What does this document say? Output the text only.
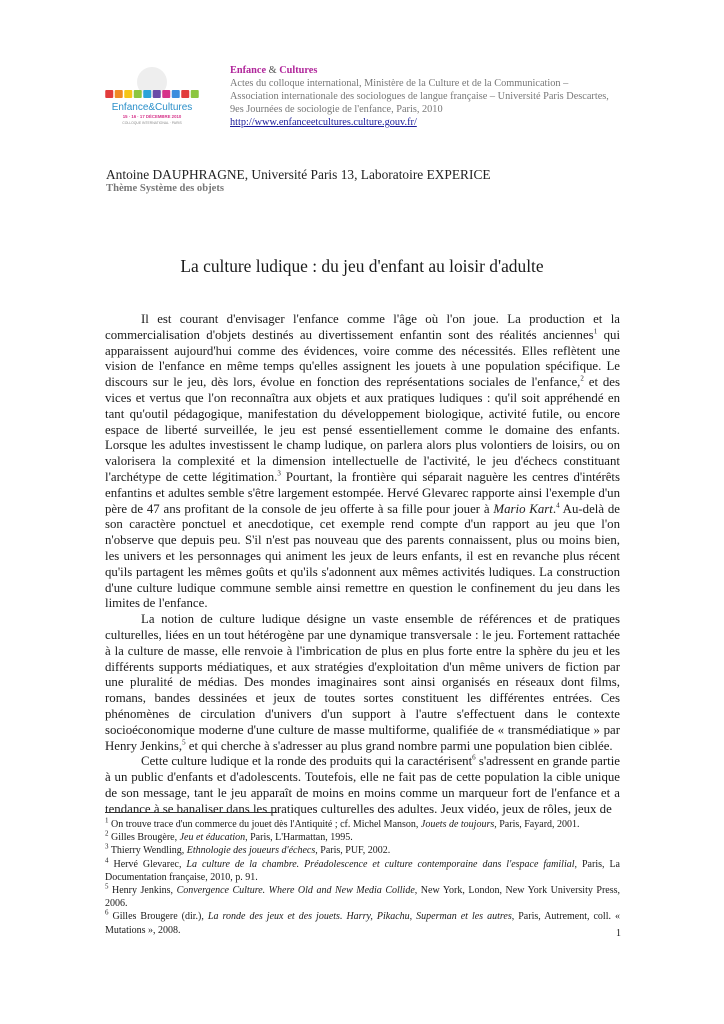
Enfance&Cultures
15 · 16 · 17 DÉCEMBRE 2010
COLLOQUE INTERNATIONAL · PARIS
Enfance & Cultures
Actes du colloque international, Ministère de la Culture et de la Communication –
Association internationale des sociologues de langue française – Université Paris Descartes,
9es Journées de sociologie de l'enfance, Paris, 2010
http://www.enfanceetcultures.culture.gouv.fr/
Antoine DAUPHRAGNE, Université Paris 13, Laboratoire EXPERICE
Thème Système des objets
La culture ludique : du jeu d'enfant au loisir d'adulte

Il est courant d'envisager l'enfance comme l'âge où l'on joue. La production et la commercialisation d'objets destinés au divertissement enfantin sont des réalités anciennes$^1$ qui apparaissent aujourd'hui comme des évidences, voire comme des nécessités. Elles reflètent une vision de l'enfance en même temps qu'elles assignent les jouets à une population spécifique. Le discours sur le jeu, dès lors, évolue en fonction des représentations sociales de l'enfance,$^2$ et des vices et vertus que l'on reconnaîtra aux objets et aux pratiques ludiques : qu'il soit appréhendé en tant qu'outil pédagogique, manifestation du développement biologique, activité futile, ou encore espace de liberté surveillée, le jeu est pensé essentiellement comme le domaine des enfants. Lorsque les adultes investissent le champ ludique, on parlera alors plus volontiers de loisirs, ou on valorisera la complexité et la dimension intellectuelle de l'activité, le jeu d'échecs constituant l'archétype de cette légitimation.$^3$ Pourtant, la frontière qui séparait naguère les centres d'intérêts enfantins et adultes semble s'être largement estompée. Hervé Glevarec rapporte ainsi l'exemple d'un père de 47 ans profitant de la console de jeu offerte à sa fille pour jouer à Mario Kart.$^4$ Au-delà de son caractère ponctuel et anecdotique, cet exemple rend compte d'un rapport au jeu que l'on n'observe que depuis peu. S'il n'est pas nouveau que des parents connaissent, plus ou moins bien, les univers et les personnages qui animent les jeux de leurs enfants, il est en revanche plus récent qu'ils partagent les mêmes goûts et qu'ils s'adonnent aux mêmes activités ludiques. La construction d'une culture ludique commune semble ainsi remettre en question le confinement du jeu dans les limites de l'enfance.

La notion de culture ludique désigne un vaste ensemble de références et de pratiques culturelles, liées en un tout hétérogène par une dynamique transversale : le jeu. Fortement rattachée à la culture de masse, elle renvoie à l'imbrication de plus en plus forte entre la sphère du jeu et les différents supports médiatiques, et aux stratégies d'exploitation d'un même univers de fiction par une pluralité de médias. Des mondes imaginaires sont ainsi organisés en réseaux dont films, romans, bandes dessinées et jeux de toutes sortes constituent les différentes entrées. Ces phénomènes de circulation d'univers d'un support à l'autre s'effectuent dans le contexte socioéconomique moderne d'une culture de masse multiforme, qualifiée de « transmédiatique » par Henry Jenkins,$^5$ et qui cherche à s'adresser au plus grand nombre parmi une population bien ciblée.

Cette culture ludique et la ronde des produits qui la caractérisent$^6$ s'adressent en grande partie à un public d'enfants et d'adolescents. Toutefois, elle ne fait pas de cette population la cible unique de son message, tant le jeu apparaît de moins en moins comme un marqueur fort de l'enfance et a tendance à se banaliser dans les pratiques culturelles des adultes. Jeux vidéo, jeux de rôles, jeux de

$^1$ On trouve trace d'un commerce du jouet dès l'Antiquité ; cf. Michel Manson, Jouets de toujours, Paris, Fayard, 2001.
$^2$ Gilles Brougère, Jeu et éducation, Paris, L'Harmattan, 1995.
$^3$ Thierry Wendling, Ethnologie des joueurs d'échecs, Paris, PUF, 2002.
$^4$ Hervé Glevarec, La culture de la chambre. Préadolescence et culture contemporaine dans l'espace familial, Paris, La Documentation française, 2010, p. 91.
$^5$ Henry Jenkins, Convergence Culture. Where Old and New Media Collide, New York, London, New York University Press, 2006.
$^6$ Gilles Brougere (dir.), La ronde des jeux et des jouets. Harry, Pikachu, Superman et les autres, Paris, Autrement, coll. « Mutations », 2008.	1
